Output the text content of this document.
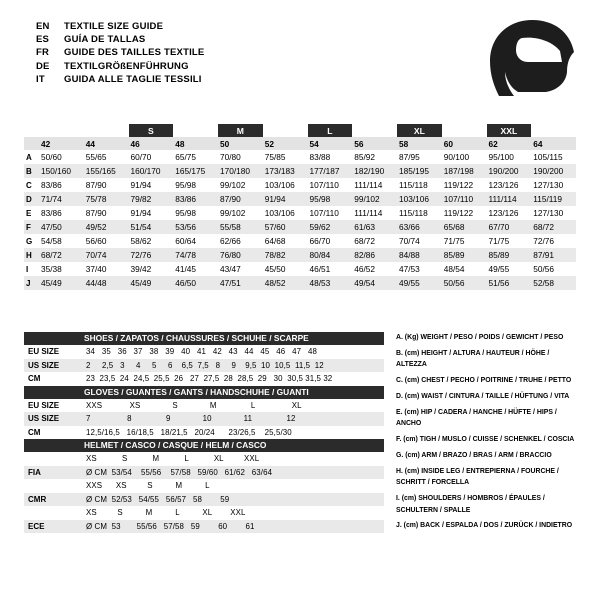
EN TEXTILE SIZE GUIDE
ES GUÍA DE TALLAS
FR GUIDE DES TAILLES TEXTILE
DE TEXTILGRÖßENFÜHRUNG
IT GUIDA ALLE TAGLIE TESSILI
		S	S		M		L		XL		XXL	
	42	44	46	48	50	52	54	56	58	60	62	64
A	50/60	55/65	60/70	65/75	70/80	75/85	83/88	85/92	87/95	90/100	95/100	105/115
B	150/160	155/165	160/170	165/175	170/180	173/183	177/187	182/190	185/195	187/198	190/200	190/200
C	83/86	87/90	91/94	95/98	99/102	103/106	107/110	111/114	115/118	119/122	123/126	127/130
D	71/74	75/78	79/82	83/86	87/90	91/94	95/98	99/102	103/106	107/110	111/114	115/119
E	83/86	87/90	91/94	95/98	99/102	103/106	107/110	111/114	115/118	119/122	123/126	127/130
F	47/50	49/52	51/54	53/56	55/58	57/60	59/62	61/63	63/66	65/68	67/70	68/72
G	54/58	56/60	58/62	60/64	62/66	64/68	66/70	68/72	70/74	71/75	71/75	72/76
H	68/72	70/74	72/76	74/78	76/80	78/82	80/84	82/86	84/88	85/89	85/89	87/91
I	35/38	37/40	39/42	41/45	43/47	45/50	46/51	46/52	47/53	48/54	49/55	50/56
J	45/49	44/48	45/49	46/50	47/51	48/52	48/53	49/54	49/55	50/56	51/56	52/58
SHOES / ZAPATOS / CHAUSSURES / SCHUHE / SCARPE
EU SIZE	34   35   36   37   38   39   40   41   42   43   44   45   46   47   48
US SIZE	2     2,5   3     4     5     6    6,5  7,5   8     9    9,5  10  10,5  11,5  12
CM	23  23,5  24  24,5  25,5  26   27  27,5  28  28,5  29   30  30,5 31,5 32
GLOVES / GUANTES / GANTS / HANDSCHUHE / GUANTI
EU SIZE	XXS            XS              S              M               L                XL
US SIZE	7                8               9              10              11               12
CM	12,5/16,5   16/18,5   18/21,5   20/24      23/26,5    25,5/30
HELMET / CASCO / CASQUE / HELM / CASCO
	XS           S           M           L           XL         XXL
FIA	Ø CM 53/54    55/56    57/58   59/60   61/62   63/64
	XXS      XS         S          M          L
CMR	Ø CM 52/53   54/55   56/57   58        59
	XS         S          M          L          XL        XXL
ECE	Ø CM 53       55/56   57/58   59        60        61
A. (Kg) WEIGHT / PESO / POIDS / GEWICHT / PESO
B. (cm) HEIGHT / ALTURA / HAUTEUR / HÖHE / ALTEZZA
C. (cm) CHEST / PECHO / POITRINE / TRUHE / PETTO
D. (cm) WAIST / CINTURA / TAILLE / HÜFTUNG / VITA
E. (cm) HIP / CADERA / HANCHE / HÜFTE / HIPS / ANCHO
F. (cm) TIGH / MUSLO / CUISSE / SCHENKEL / COSCIA
G. (cm) ARM / BRAZO / BRAS / ARM / BRACCIO
H. (cm) INSIDE LEG / ENTREPIERNA / FOURCHE / SCHRITT / FORCELLA
I. (cm) SHOULDERS / HOMBROS / ÉPAULES / SCHULTERN / SPALLE
J. (cm) BACK / ESPALDA / DOS / ZURÜCK / INDIETRO
